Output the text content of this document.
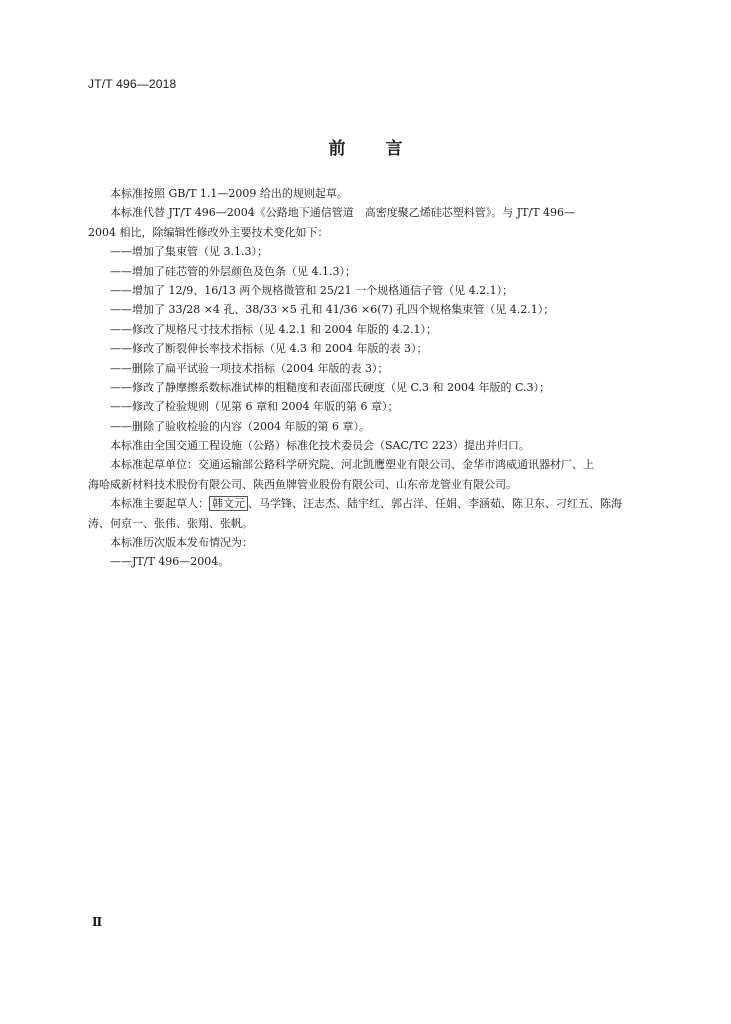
JT/T 496—2018
前言
本标准按照 GB/T 1.1—2009 给出的规则起草。
本标准代替 JT/T 496—2004《公路地下通信管道　高密度聚乙烯硅芯塑料管》。与 JT/T 496—
2004 相比，除编辑性修改外主要技术变化如下：
——增加了集束管（见 3.1.3）；
——增加了硅芯管的外层颜色及色条（见 4.1.3）；
——增加了 12/9、16/13 两个规格微管和 25/21 一个规格通信子管（见 4.2.1）；
——增加了 33/28 ×4 孔、38/33 ×5 孔和 41/36 ×6(7) 孔四个规格集束管（见 4.2.1）；
——修改了规格尺寸技术指标（见 4.2.1 和 2004 年版的 4.2.1）；
——修改了断裂伸长率技术指标（见 4.3 和 2004 年版的表 3）；
——删除了扁平试验一项技术指标（2004 年版的表 3）；
——修改了静摩擦系数标准试棒的粗糙度和表面邵氏硬度（见 C.3 和 2004 年版的 C.3）；
——修改了检验规则（见第 6 章和 2004 年版的第 6 章）；
——删除了验收检验的内容（2004 年版的第 6 章）。
本标准由全国交通工程设施（公路）标准化技术委员会（SAC/TC 223）提出并归口。
本标准起草单位：交通运输部公路科学研究院、河北凯鹰塑业有限公司、金华市鸿威通讯器材厂、上
海哈威新材料技术股份有限公司、陕西鱼牌管业股份有限公司、山东帝龙管业有限公司。
本标准主要起草人： 韩文元 、马学锋、汪志杰、陆宇红、郭占洋、任娟、李涵茹、陈卫东、刁红五、陈海
涛、何京一、张伟、张翔、张帆。
本标准历次版本发布情况为：
——JT/T 496—2004。
Ⅱ
